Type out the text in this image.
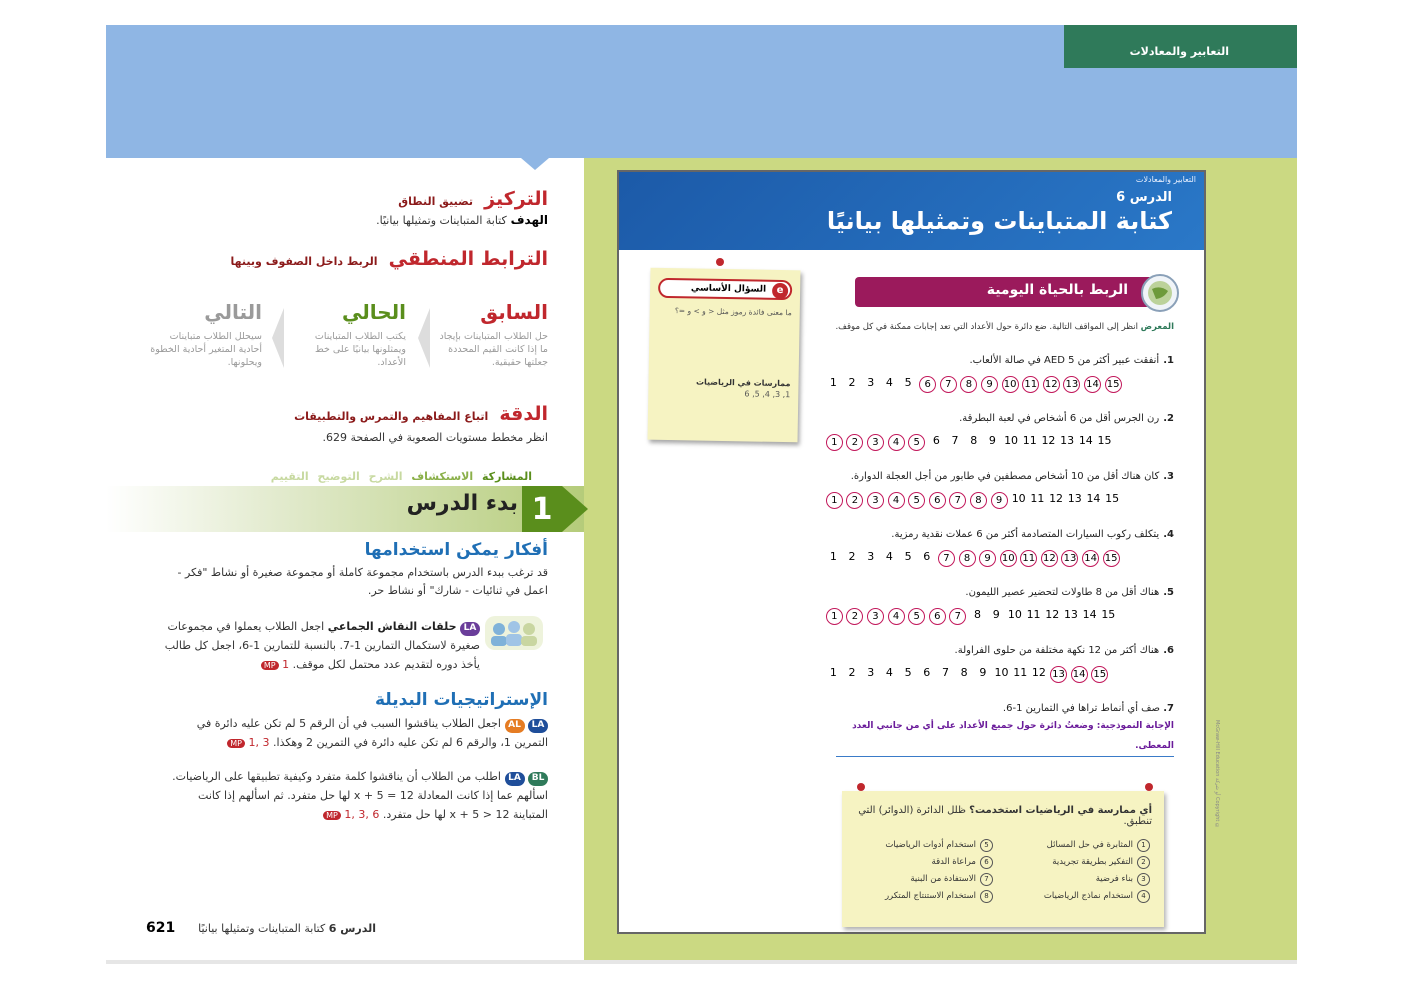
التعابير والمعادلات
التركيز تضييق النطاق
الهدف كتابة المتباينات وتمثيلها بيانيًا.
الترابط المنطقي الربط داخل الصفوف وبينها
السابق
حل الطلاب المتباينات بإيجاد ما إذا كانت القيم المحددة جعلتها حقيقية.
الحالي
يكتب الطلاب المتباينات ويمثلونها بيانيًا على خط الأعداد.
التالي
سيحلل الطلاب متباينات أحادية المتغير أحادية الخطوة ويحلونها.
الدقة اتباع المفاهيم والتمرس والتطبيقات
انظر مخطط مستويات الصعوبة في الصفحة 629.
المشاركة الاستكشاف الشرح التوضيح التقييم
بدء الدرس 1
أفكار يمكن استخدامها
قد ترغب ببدء الدرس باستخدام مجموعة كاملة أو مجموعة صغيرة أو نشاط "فكر - اعمل في ثنائيات - شارك" أو نشاط حر.
LA حلقات النقاش الجماعي اجعل الطلاب يعملوا في مجموعات صغيرة لاستكمال التمارين 1-7. بالنسبة للتمارين 1-6، اجعل كل طالب يأخذ دوره لتقديم عدد محتمل لكل موقف. MP 1
الإستراتيجيات البديلة
LA AL اجعل الطلاب يناقشوا السبب في أن الرقم 5 لم تكن عليه دائرة في التمرين 1، والرقم 6 لم تكن عليه دائرة في التمرين 2 وهكذا. MP 1, 3
BL LA اطلب من الطلاب أن يناقشوا كلمة متفرد وكيفية تطبيقها على الرياضيات. اسألهم عما إذا كانت المعادلة x + 5 = 12 لها حل متفرد. ثم اسألهم إذا كانت المتباينة x + 5 > 12 لها حل متفرد. MP 1, 3, 6
الدرس 6 كتابة المتباينات وتمثيلها بيانيًا
621
التعابير والمعادلات
الدرس 6
كتابة المتباينات وتمثيلها بيانيًا
الربط بالحياة اليومية
السؤال الأساسي	e
ما معنى فائدة رموز مثل < و > و =؟
ممارسات في الرياضيات
1, 3, 4, 5, 6
المعرض انظر إلى المواقف التالية. ضع دائرة حول الأعداد التي تعد إجابات ممكنة في كل موقف.
1.أنفقت عبير أكثر من AED 5 في صالة الألعاب.
1	2	3	4	5	6	7	8	9	10 11 12 13 14 15
2.رن الجرس أقل من 6 أشخاص في لعبة البطرقة.
1	2	3	4	5	6	7	8	9 10 11 12 13 14 15
3.كان هناك أقل من 10 أشخاص مصطفين في طابور من أجل العجلة الدوارة.
1	2	3	4	5	6	7	8	9 10 11 12 13 14 15
4.يتكلف ركوب السيارات المتصادمة أكثر من 6 عملات نقدية رمزية.
1	2	3	4	5	6	7	8	9	10 11 12 13 14 15
5.هناك أقل من 8 طاولات لتحضير عصير الليمون.
1	2	3	4	5	6	7	8	9 10 11 12 13 14 15
6.هناك أكثر من 12 نكهة مختلفة من حلوى الفراولة.
1	2	3	4	5	6	7	8	9 10 11 12 13 14 15
7. صف أي أنماط تراها في التمارين 1-6.
الإجابة النموذجية: وضعتُ دائرة حول جميع الأعداد على أي من جانبي العدد المعطى.	McGraw-Hill Education أو شركة Copyright ©
أي ممارسة في الرياضيات استخدمت؟ ظلل الدائرة (الدوائر) التي تنطبق.
1المثابرة في حل المسائل
5استخدام أدوات الرياضيات
2التفكير بطريقة تجريدية
6مراعاة الدقة
3بناء فرضية
7الاستفادة من البنية
4استخدام نماذج الرياضيات
8استخدام الاستنتاج المتكرر
